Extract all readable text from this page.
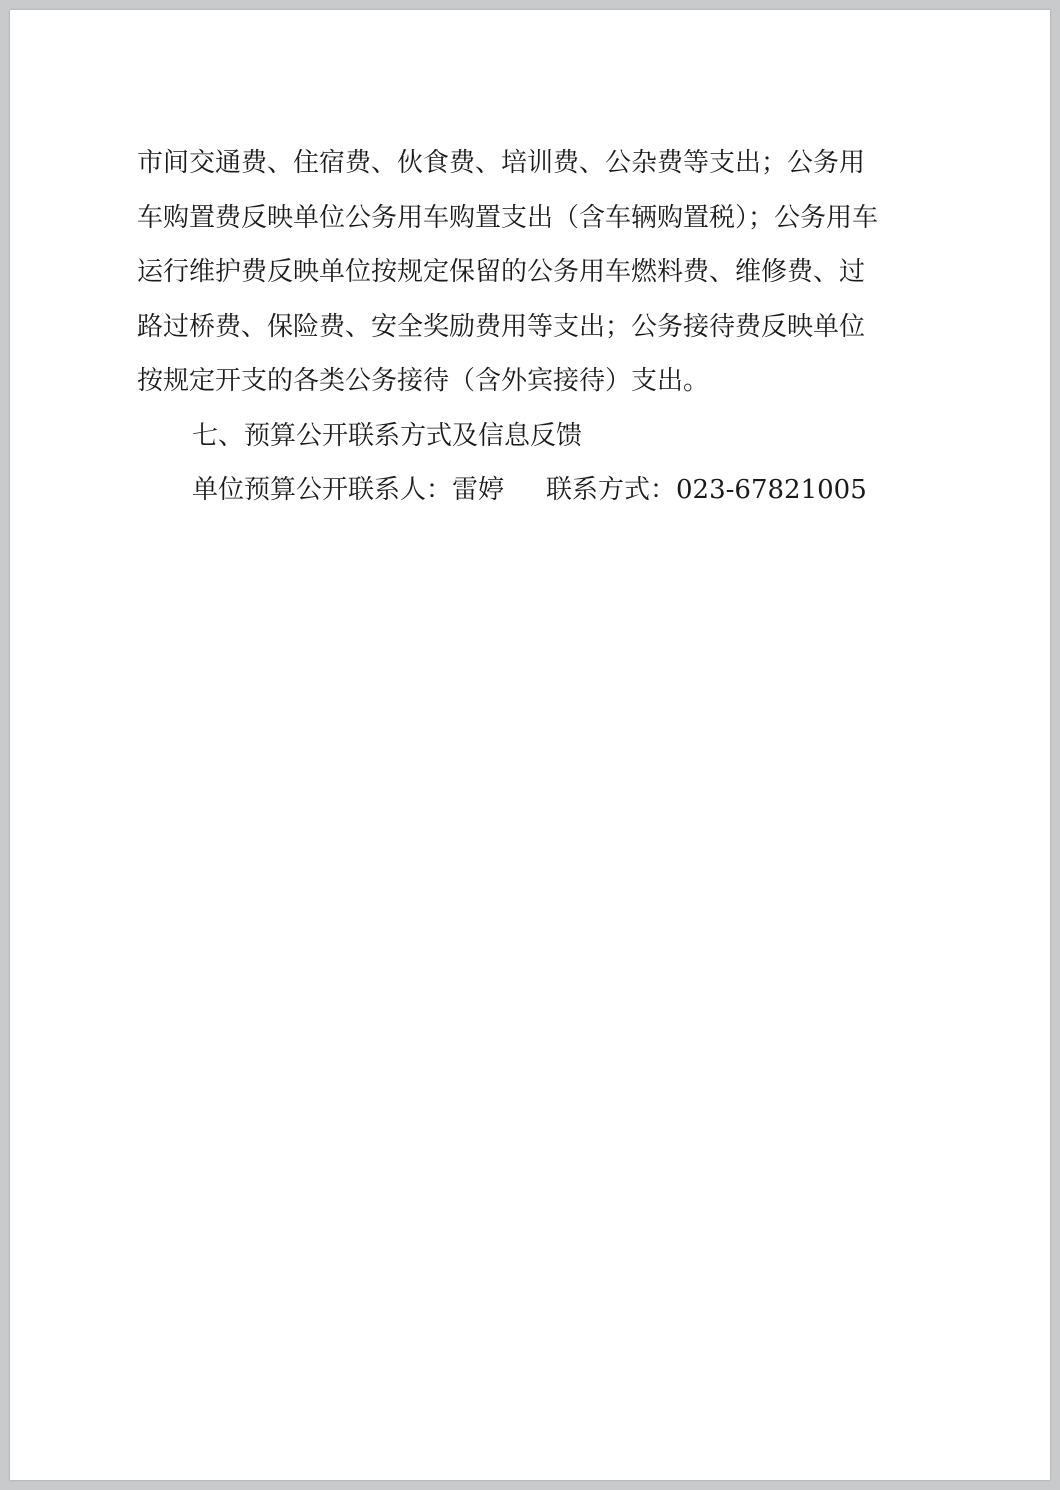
市间交通费、住宿费、伙食费、培训费、公杂费等支出；公务用
车购置费反映单位公务用车购置支出（含车辆购置税）；公务用车
运行维护费反映单位按规定保留的公务用车燃料费、维修费、过
路过桥费、保险费、安全奖励费用等支出；公务接待费反映单位
按规定开支的各类公务接待（含外宾接待）支出。
七、预算公开联系方式及信息反馈
单位预算公开联系人：雷婷 联系方式：023-67821005
